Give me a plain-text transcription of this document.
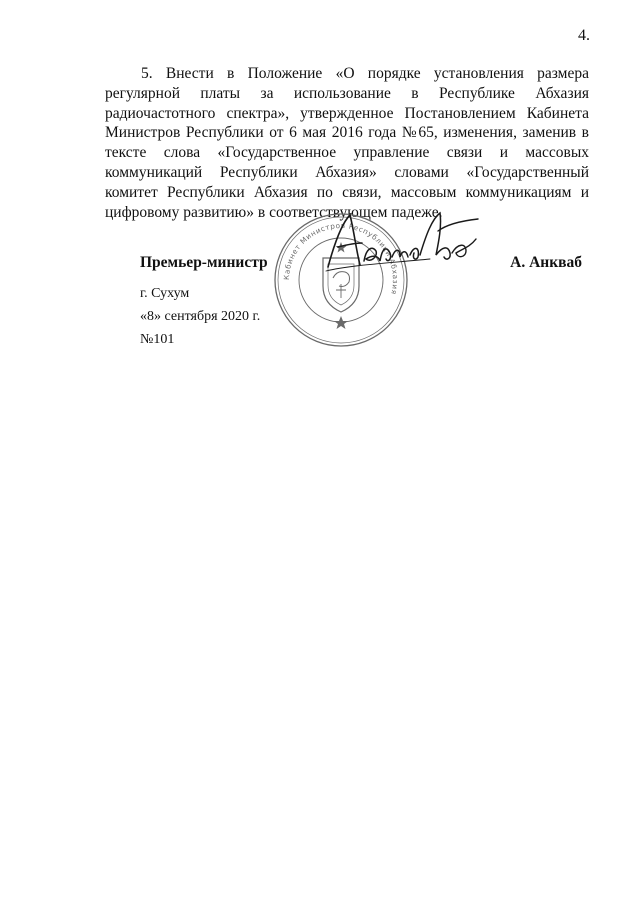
4.

5. Внести в Положение «О порядке установления размера регулярной платы за использование в Республике Абхазия радиочастотного спектра», утвержденное Постановлением Кабинета Министров Республики от 6 мая 2016 года №65, изменения, заменив в тексте слова «Государственное управление связи и массовых коммуникаций Республики Абхазия» словами «Государственный комитет Республики Абхазия по связи, массовым коммуникациям и цифровому развитию» в соответствующем падеже.

Премьер-министр	А. Анкваб
г. Сухум
«8» сентября 2020 г.
№101
Кабинет Министров Республики Абхазия
